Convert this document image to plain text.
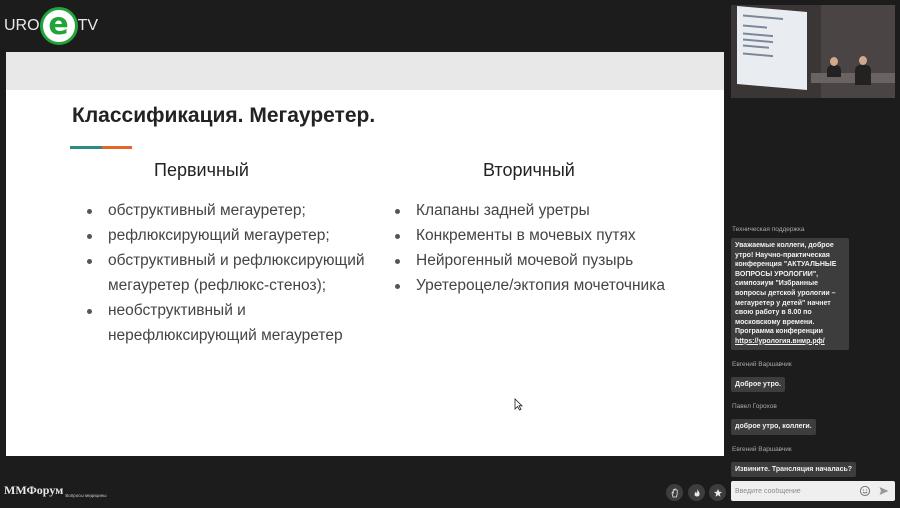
URO e TV
Классификация. Мегауретер.
Первичный	Вторичный
обструктивный мегауретер;
рефлюксирующий мегауретер;
обструктивный и рефлюксирующий мегауретер (рефлюкс-стеноз);
необструктивный и нерефлюксирующий мегауретер
Клапаны задней уретры
Конкременты в мочевых путях
Нейрогенный мочевой пузырь
Уретероцеле/эктопия мочеточника
Техническая поддержка
Уважаемые коллеги, доброе утро! Научно-практическая конференция "АКТУАЛЬНЫЕ ВОПРОСЫ УРОЛОГИИ", симпозиум "Избранные вопросы детской урологии – мегауретер у детей" начнет свою работу в 8.00 по московскому времени. Программа конференции https://урология.внмр.рф/
Евгений Варшавчик
Доброе утро.
Павел Горохов
доброе утро, коллеги.
Евгений Варшавчик
Извините. Трансляция началась?
ММФорум Вопросы медицины
Введите сообщение
